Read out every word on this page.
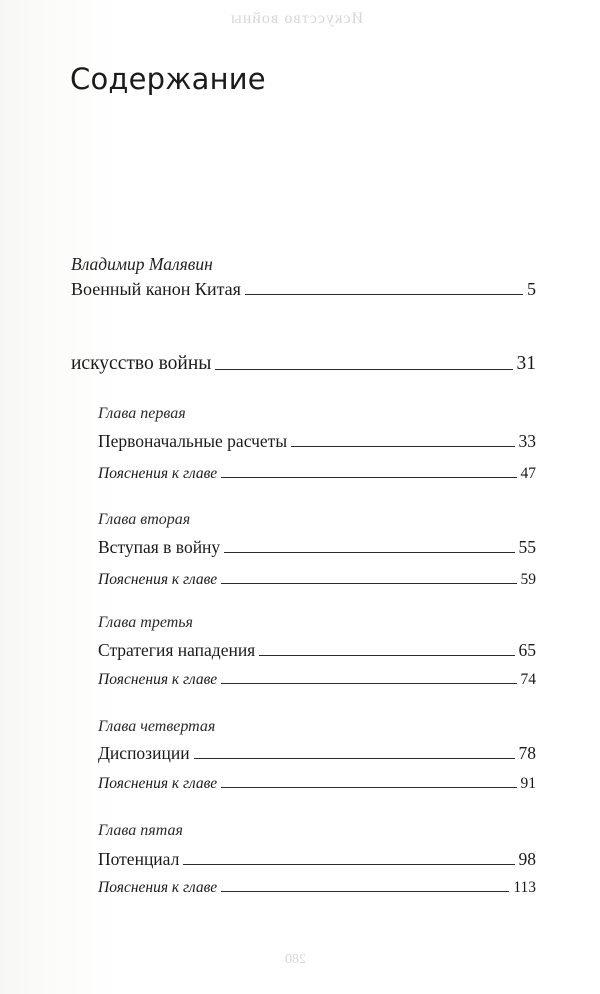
Искусство войны
280
Содержание
Владимир Малявин
Военный канон Китая	5
искусство войны	31
Глава первая
Первоначальные расчеты	33
Пояснения к главе	47
Глава вторая
Вступая в войну	55
Пояснения к главе	59
Глава третья
Стратегия нападения	65
Пояснения к главе	74
Глава четвертая
Диспозиции	78
Пояснения к главе	91
Глава пятая
Потенциал	98
Пояснения к главе	113
